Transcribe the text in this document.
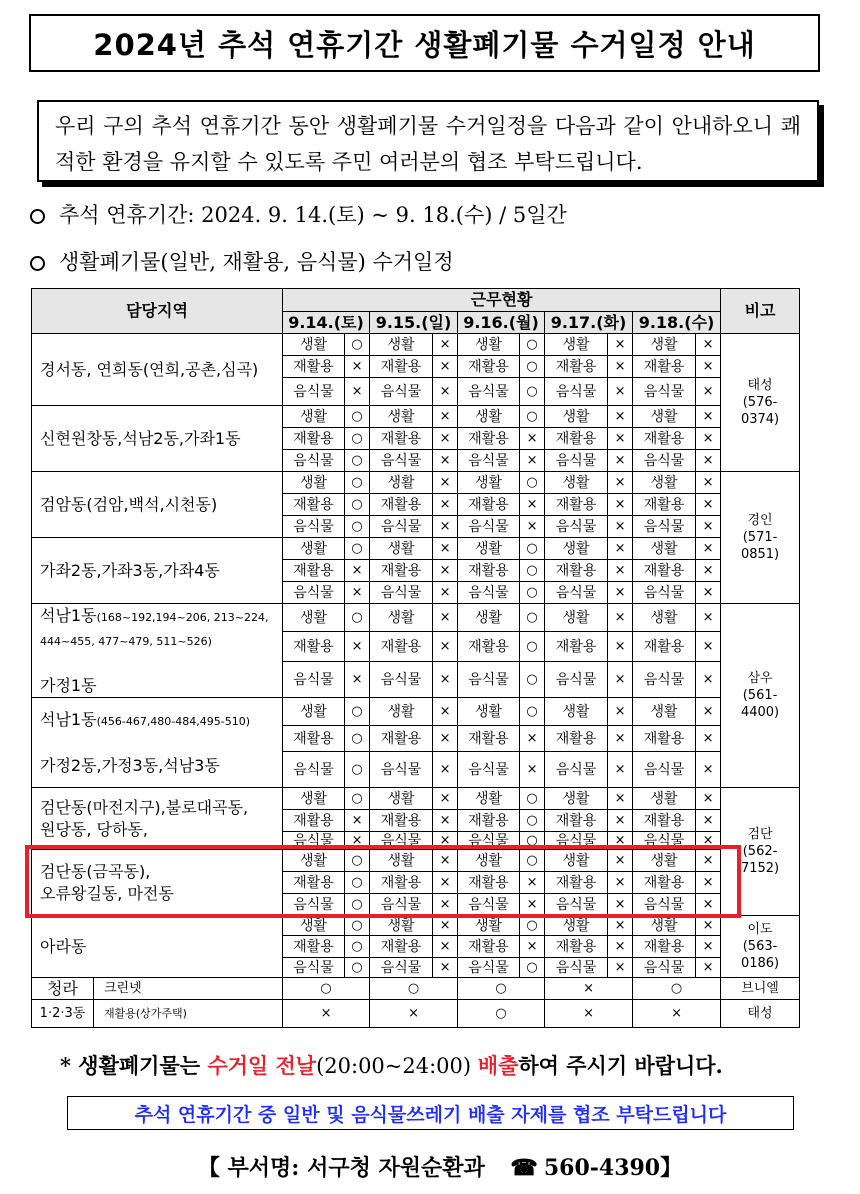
2024년 추석 연휴기간 생활폐기물 수거일정 안내
우리 구의 추석 연휴기간 동안 생활폐기물 수거일정을 다음과 같이 안내하오니 쾌적한 환경을 유지할 수 있도록 주민 여러분의 협조 부탁드립니다.
추석 연휴기간: 2024. 9. 14.(토) ~ 9. 18.(수) / 5일간
생활폐기물(일반, 재활용, 음식물) 수거일정
담당지역		근무현황										비고
		9.14.(토)		9.15.(일)		9.16.(월)		9.17.(화)		9.18.(수)		
경서동, 연희동(연희,공촌,심곡)		생활	○	생활	×	생활	○	생활	×	생활	×	태성
(576-
0374)
		재활용	×	재활용	×	재활용	○	재활용	×	재활용	×	
		음식물	×	음식물	×	음식물	○	음식물	×	음식물	×	
신현원창동,석남2동,가좌1동		생활	○	생활	×	생활	○	생활	×	생활	×	
		재활용	○	재활용	×	재활용	×	재활용	×	재활용	×	
		음식물	○	음식물	×	음식물	×	음식물	×	음식물	×	
검암동(검암,백석,시천동)		생활	○	생활	×	생활	○	생활	×	생활	×	경인
(571-
0851)
		재활용	○	재활용	×	재활용	×	재활용	×	재활용	×	
		음식물	○	음식물	×	음식물	×	음식물	×	음식물	×	
가좌2동,가좌3동,가좌4동		생활	○	생활	×	생활	○	생활	×	생활	×	
		재활용	×	재활용	×	재활용	○	재활용	×	재활용	×	
		음식물	×	음식물	×	음식물	○	음식물	×	음식물	×	
석남1동(168~192,194~206, 213~224, 444~455, 477~479, 511~526)

가정1동		생활	○	생활	×	생활	○	생활	×	생활	×	삼우
(561-
4400)
		재활용	×	재활용	×	재활용	○	재활용	×	재활용	×	
		음식물	×	음식물	×	음식물	○	음식물	×	음식물	×	
석남1동(456-467,480-484,495-510)

가정2동,가정3동,석남3동		생활	○	생활	×	생활	○	생활	×	생활	×	
		재활용	○	재활용	×	재활용	×	재활용	×	재활용	×	
		음식물	○	음식물	×	음식물	×	음식물	×	음식물	×	
검단동(마전지구),불로대곡동,
원당동, 당하동,		생활	○	생활	×	생활	○	생활	×	생활	×	검단
(562-
7152)
		재활용	×	재활용	×	재활용	○	재활용	×	재활용	×	
		음식물	×	음식물	×	음식물	○	음식물	×	음식물	×	
검단동(금곡동),
오류왕길동, 마전동		생활	○	생활	×	생활	○	생활	×	생활	×	
		재활용	○	재활용	×	재활용	×	재활용	×	재활용	×	
		음식물	○	음식물	×	음식물	×	음식물	×	음식물	×	
아라동		생활	○	생활	×	생활	○	생활	×	생활	×	이도
(563-
0186)
		재활용	○	재활용	×	재활용	×	재활용	×	재활용	×	
		음식물	○	음식물	×	음식물	○	음식물	×	음식물	×	
청라	크린넷	○		○		○		×		○		브니엘
1·2·3동	재활용(상가주택)	×		×		○		×		×		태성
* 생활폐기물는 수거일 전날(20:00~24:00) 배출하여 주시기 바랍니다.
추석 연휴기간 중 일반 및 음식물쓰레기 배출 자제를 협조 부탁드립니다
【 부서명: 서구청 자원순환과 ☎ 560-4390】
